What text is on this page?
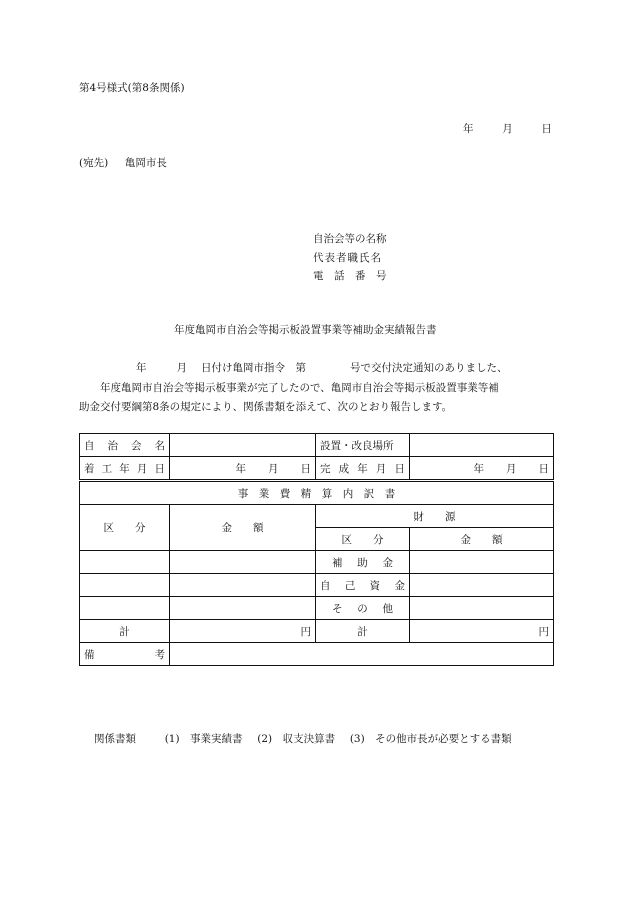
第4号様式(第8条関係)
年	月	日
(宛先) 亀岡市長
自治会等の名称
代表者職氏名
電　話　番　号
年度亀岡市自治会等掲示板設置事業等補助金実績報告書
年	月 日付け亀岡市指令　第	号で交付決定通知のありました、
年度亀岡市自治会等掲示板事業が完了したので、亀岡市自治会等掲示板設置事業等補
助金交付要綱第8条の規定により、関係書類を添えて、次のとおり報告します。
自　治　会　名		設置・改良場所	
着工年月日	年 月 日	完成年月日	年 月 日
事　業　費　精　算　内　訳　書			
区　　分	金　　額	財　　源	
		区　　分	金　　額
		補助金	
		自己資金	
		その他	
計	円	計	円

備 考			

関係書類	(1)　事業実績書 (2)　収支決算書 (3)　その他市長が必要とする書類
